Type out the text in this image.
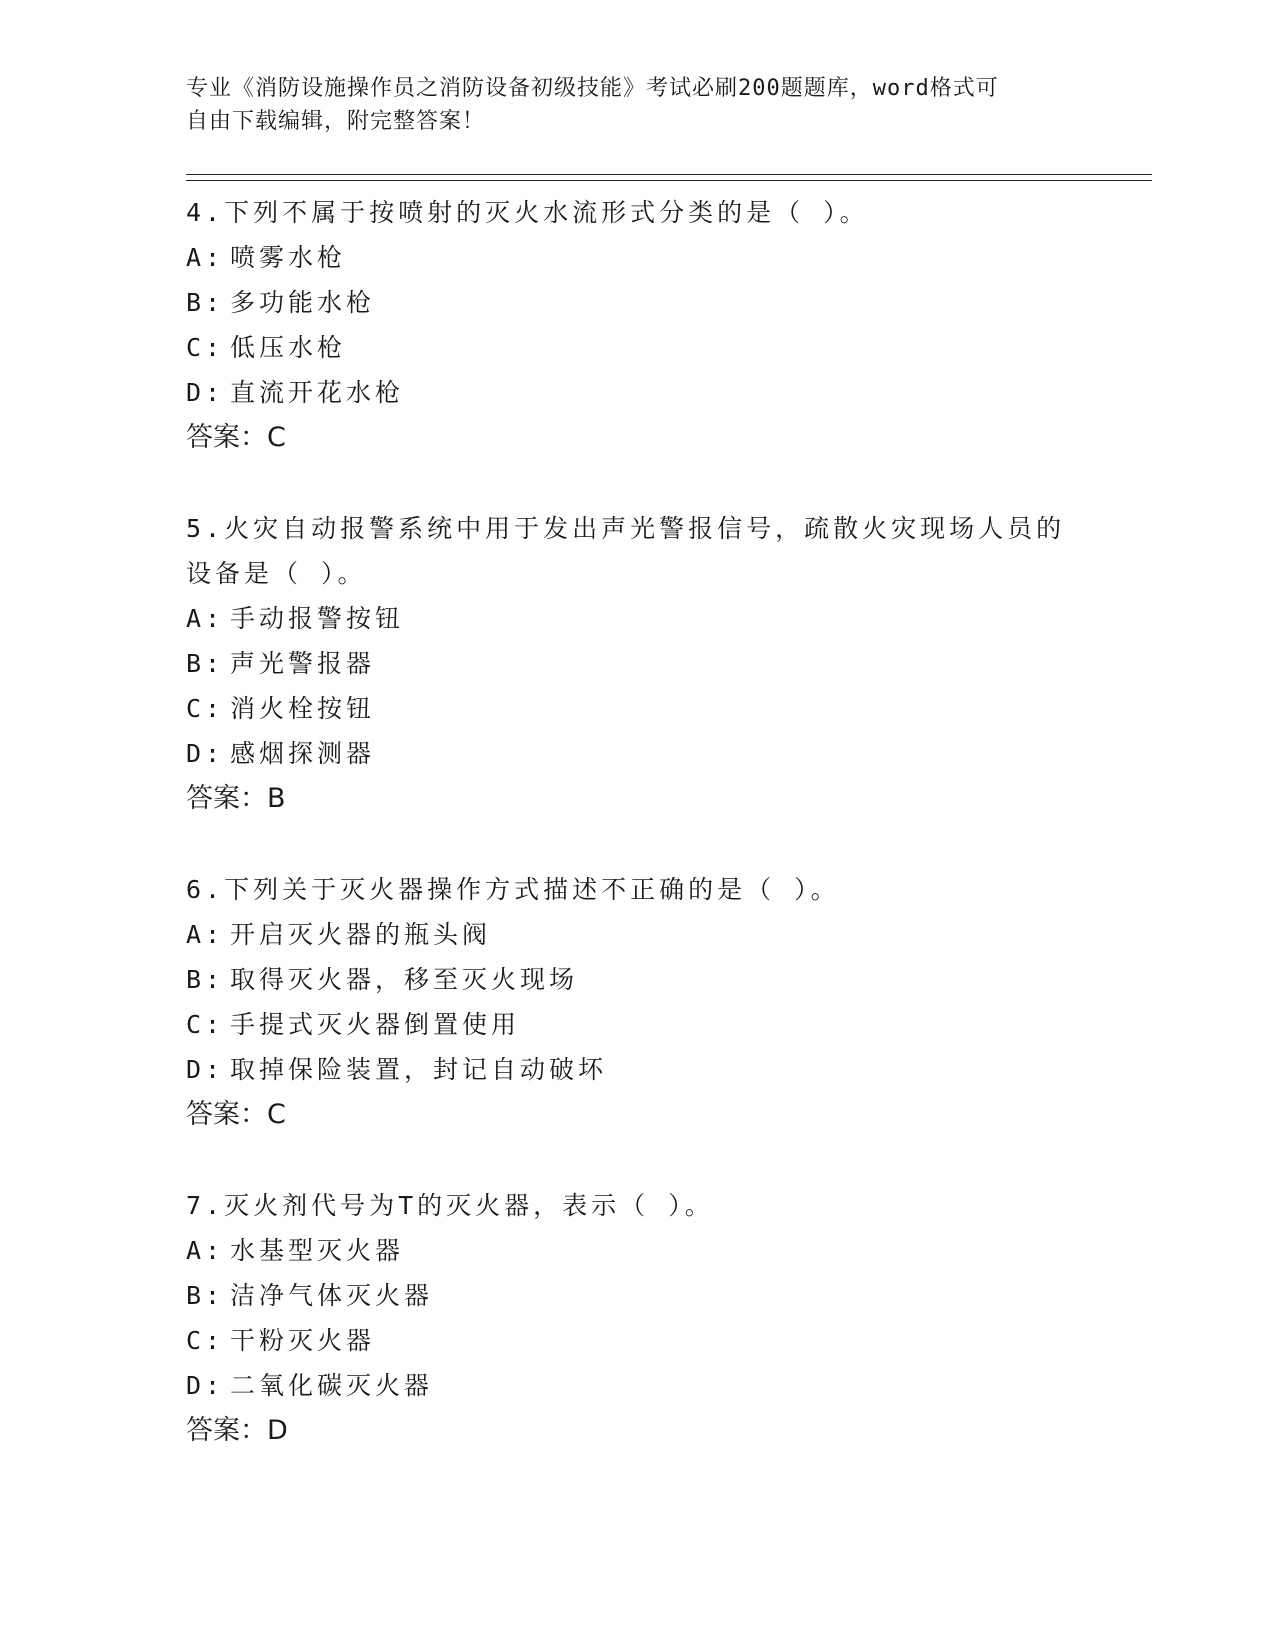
专业《消防设施操作员之消防设备初级技能》考试必刷200题题库，word格式可
自由下载编辑，附完整答案！

4.下列不属于按喷射的灭火水流形式分类的是（ ）。

A: 喷雾水枪

B: 多功能水枪

C: 低压水枪

D: 直流开花水枪

答案：C

5.火灾自动报警系统中用于发出声光警报信号，疏散火灾现场人员的

设备是（ ）。

A: 手动报警按钮

B: 声光警报器

C: 消火栓按钮

D: 感烟探测器

答案：B

6.下列关于灭火器操作方式描述不正确的是（ ）。

A: 开启灭火器的瓶头阀

B: 取得灭火器，移至灭火现场

C: 手提式灭火器倒置使用

D: 取掉保险装置，封记自动破坏

答案：C

7.灭火剂代号为T的灭火器，表示（ ）。

A: 水基型灭火器

B: 洁净气体灭火器

C: 干粉灭火器

D: 二氧化碳灭火器

答案：D
